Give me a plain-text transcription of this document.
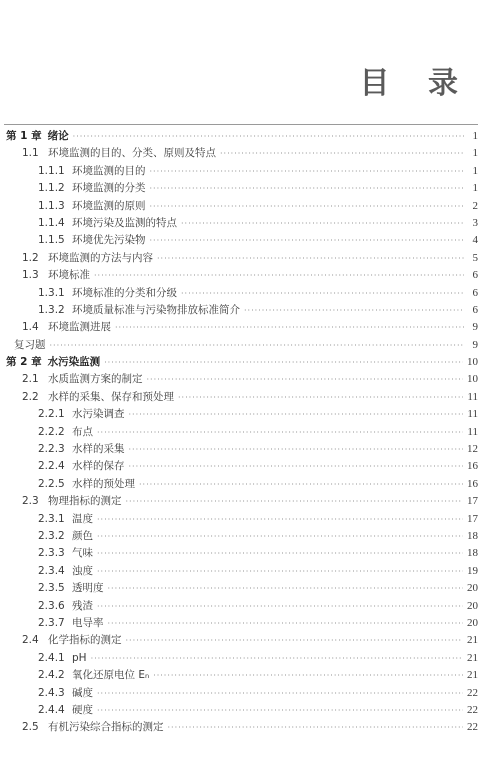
目 录
第 1 章 绪论 ·····	1
1.1 环境监测的目的、分类、原则及特点 ·····	1
1.1.1 环境监测的目的 ·····	1
1.1.2 环境监测的分类 ·····	1
1.1.3 环境监测的原则 ·····	2
1.1.4 环境污染及监测的特点 ·····	3
1.1.5 环境优先污染物 ·····	4
1.2 环境监测的方法与内容 ·····	5
1.3 环境标准 ·····	6
1.3.1 环境标准的分类和分级 ·····	6
1.3.2 环境质量标准与污染物排放标准简介 ·····	6
1.4 环境监测进展 ·····	9
复习题 ·····	9
第 2 章 水污染监测 ·····	10
2.1 水质监测方案的制定 ·····	10
2.2 水样的采集、保存和预处理 ·····	11
2.2.1 水污染调查 ·····	11
2.2.2 布点 ·····	11
2.2.3 水样的采集 ·····	12
2.2.4 水样的保存 ·····	16
2.2.5 水样的预处理 ·····	16
2.3 物理指标的测定 ·····	17
2.3.1 温度 ·····	17
2.3.2 颜色 ·····	18
2.3.3 气味 ·····	18
2.3.4 浊度 ·····	19
2.3.5 透明度 ·····	20
2.3.6 残渣 ·····	20
2.3.7 电导率 ·····	20
2.4 化学指标的测定 ·····	21
2.4.1 pH ·····	21
2.4.2 氧化还原电位 Eₙ ·····	21
2.4.3 碱度 ·····	22
2.4.4 硬度 ·····	22
2.5 有机污染综合指标的测定 ·····	22
